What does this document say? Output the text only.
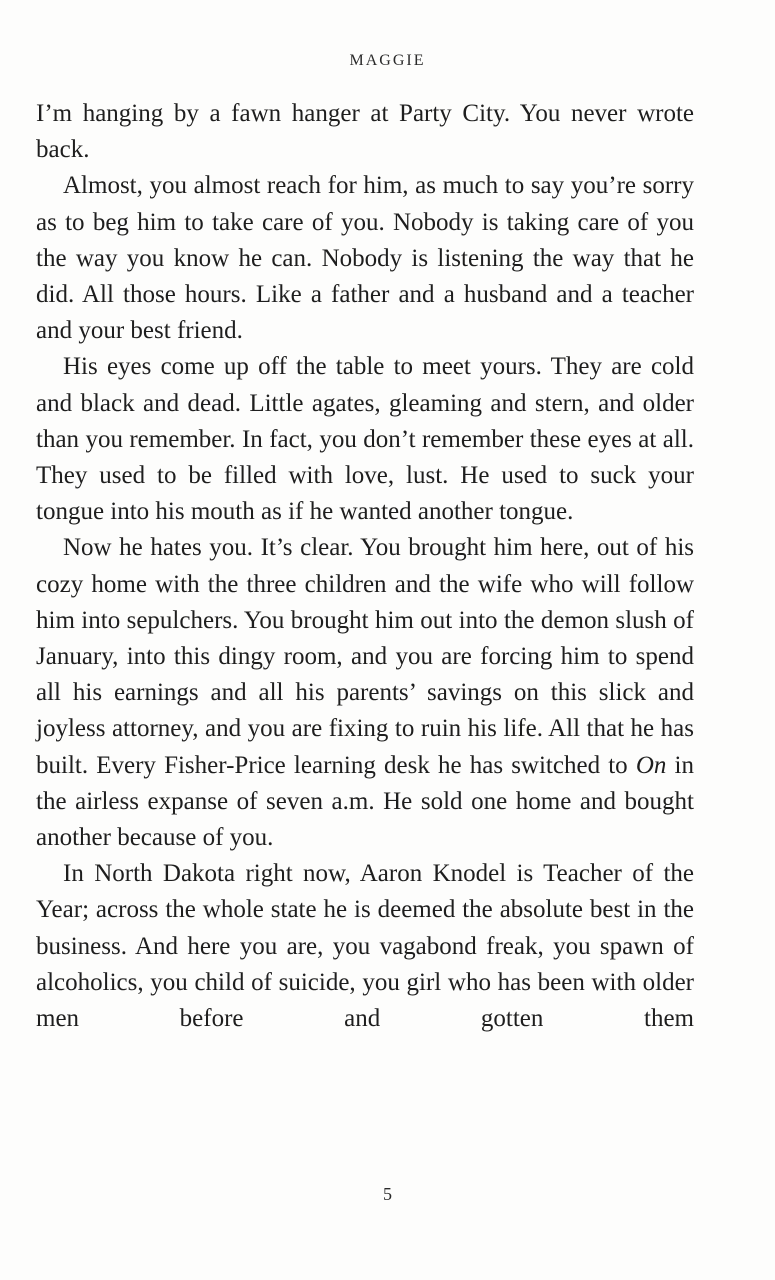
MAGGIE

I’m hanging by a fawn hanger at Party City. You never wrote back.

Almost, you almost reach for him, as much to say you’re sorry as to beg him to take care of you. Nobody is taking care of you the way you know he can. Nobody is listening the way that he did. All those hours. Like a father and a husband and a teacher and your best friend.

His eyes come up off the table to meet yours. They are cold and black and dead. Little agates, gleaming and stern, and older than you remember. In fact, you don’t remember these eyes at all. They used to be filled with love, lust. He used to suck your tongue into his mouth as if he wanted another tongue.

Now he hates you. It’s clear. You brought him here, out of his cozy home with the three children and the wife who will follow him into sepulchers. You brought him out into the demon slush of January, into this dingy room, and you are forcing him to spend all his earnings and all his parents’ savings on this slick and joyless attorney, and you are fixing to ruin his life. All that he has built. Every Fisher-Price learning desk he has switched to On in the airless expanse of seven a.m. He sold one home and bought another because of you.

In North Dakota right now, Aaron Knodel is Teacher of the Year; across the whole state he is deemed the absolute best in the business. And here you are, you vagabond freak, you spawn of alcoholics, you child of suicide, you girl who has been with older men before and gotten them

5
